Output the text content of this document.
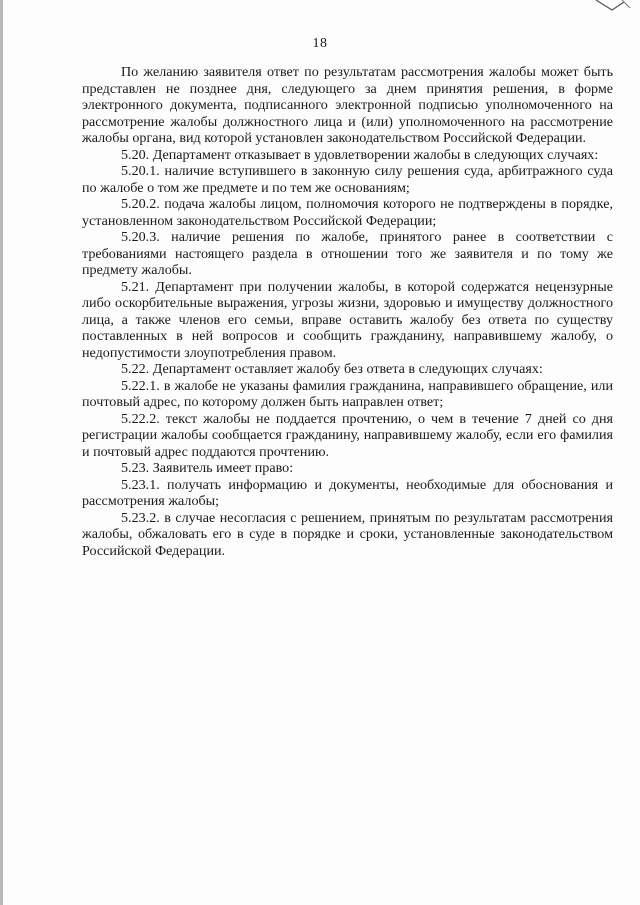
18

По желанию заявителя ответ по результатам рассмотрения жалобы может быть представлен не позднее дня, следующего за днем принятия решения, в форме электронного документа, подписанного электронной подписью уполномоченного на рассмотрение жалобы должностного лица и (или) уполномоченного на рассмотрение жалобы органа, вид которой установлен законодательством Российской Федерации.

5.20. Департамент отказывает в удовлетворении жалобы в следующих случаях:

5.20.1. наличие вступившего в законную силу решения суда, арбитражного суда по жалобе о том же предмете и по тем же основаниям;

5.20.2. подача жалобы лицом, полномочия которого не подтверждены в порядке, установленном законодательством Российской Федерации;

5.20.3. наличие решения по жалобе, принятого ранее в соответствии с требованиями настоящего раздела в отношении того же заявителя и по тому же предмету жалобы.

5.21. Департамент при получении жалобы, в которой содержатся нецензурные либо оскорбительные выражения, угрозы жизни, здоровью и имуществу должностного лица, а также членов его семьи, вправе оставить жалобу без ответа по существу поставленных в ней вопросов и сообщить гражданину, направившему жалобу, о недопустимости злоупотребления правом.

5.22. Департамент оставляет жалобу без ответа в следующих случаях:

5.22.1. в жалобе не указаны фамилия гражданина, направившего обращение, или почтовый адрес, по которому должен быть направлен ответ;

5.22.2. текст жалобы не поддается прочтению, о чем в течение 7 дней со дня регистрации жалобы сообщается гражданину, направившему жалобу, если его фамилия и почтовый адрес поддаются прочтению.

5.23. Заявитель имеет право:

5.23.1. получать информацию и документы, необходимые для обоснования и рассмотрения жалобы;

5.23.2. в случае несогласия с решением, принятым по результатам рассмотрения жалобы, обжаловать его в суде в порядке и сроки, установленные законодательством Российской Федерации.
